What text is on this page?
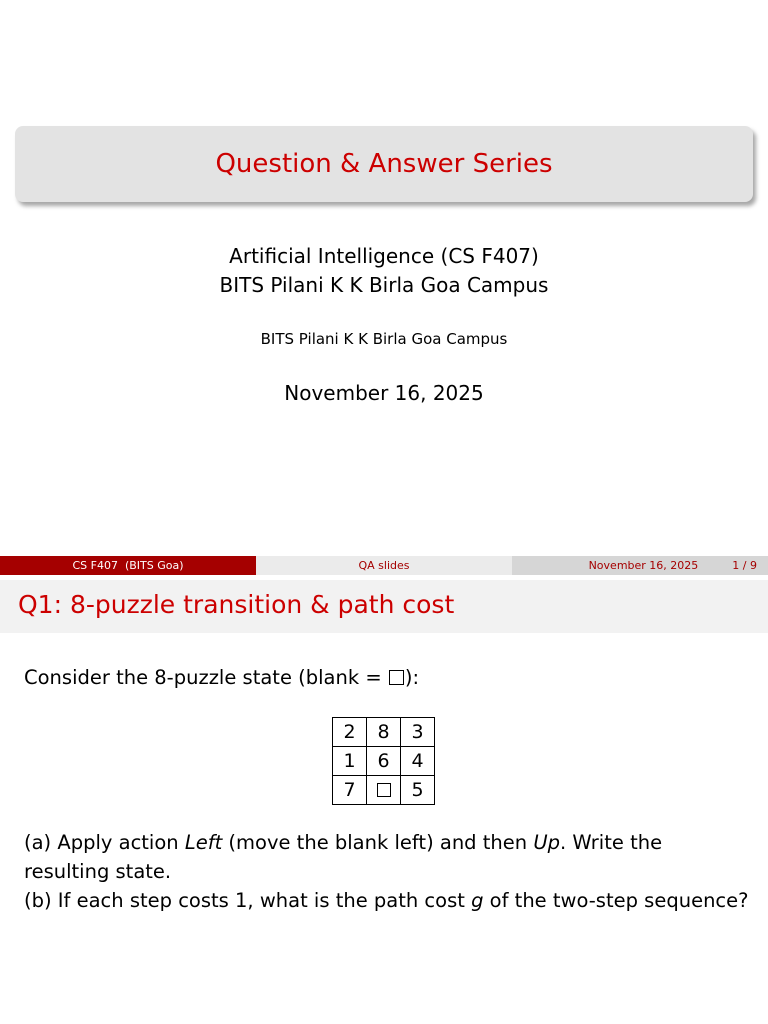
Question & Answer Series
Artificial Intelligence (CS F407)
BITS Pilani K K Birla Goa Campus
BITS Pilani K K Birla Goa Campus
November 16, 2025
CS F407  (BITS Goa)	QA slides	November 16, 2025	1 / 9
Q1: 8-puzzle transition & path cost
Consider the 8-puzzle state (blank = ):
2	8	3
1	6	4
7		5
(a) Apply action Left (move the blank left) and then Up. Write the
resulting state.
(b) If each step costs 1, what is the path cost g of the two-step sequence?
